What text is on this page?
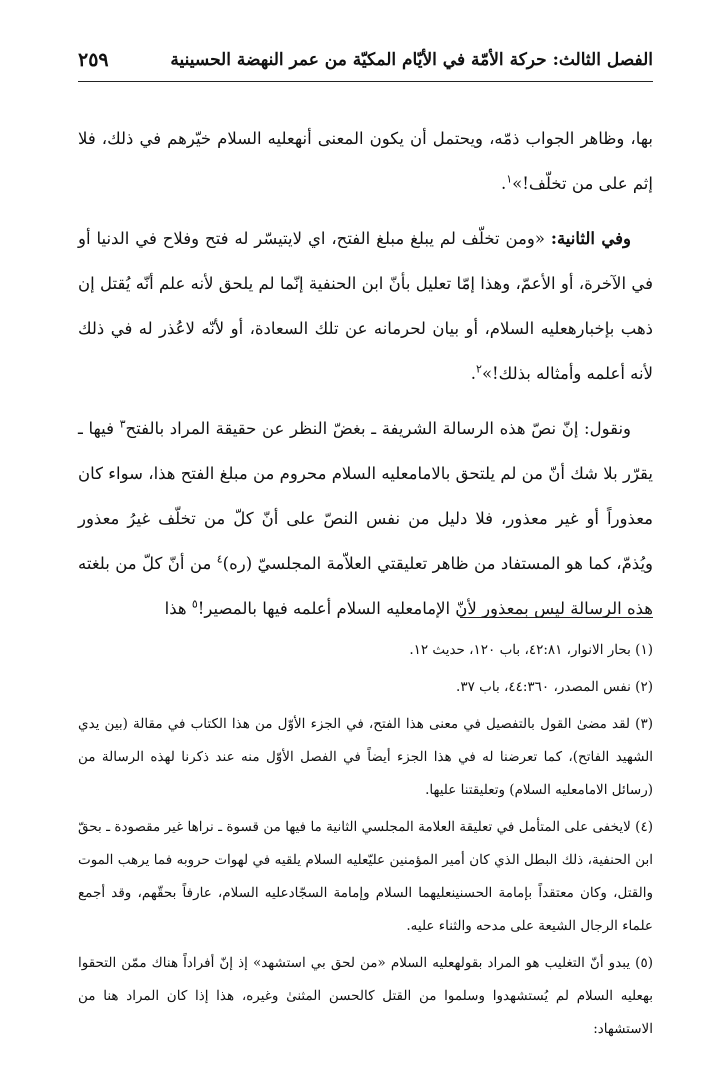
الفصل الثالث: حركة الأمّة في الأيّام المكيّة من عمر النهضة الحسينية
٢٥٩

بها، وظاهر الجواب ذمّه، ويحتمل أن يكون المعنى أنهعليه السلام خيّرهم في ذلك، فلا إثم على من تخلّف!»$^١$.

وفي الثانية: «ومن تخلّف لم يبلغ مبلغ الفتح، اي لايتيسّر له فتح وفلاح في الدنيا أو في الآخرة، أو الأعمّ، وهذا إمّا تعليل بأنّ ابن الحنفية إنّما لم يلحق لأنه علم أنّه يُقتل إن ذهب بإخبارهعليه السلام، أو بيان لحرمانه عن تلك السعادة، أو لأنّه لاعُذر له في ذلك لأنه أعلمه وأمثاله بذلك!»$^٢$.

ونقول: إنّ نصّ هذه الرسالة الشريفة ـ بغضّ النظر عن حقيقة المراد بالفتح$^٣$ فيها ـ يقرّر بلا شك أنّ من لم يلتحق بالامامعليه السلام محروم من مبلغ الفتح هذا، سواء كان معذوراً أو غير معذور، فلا دليل من نفس النصّ على أنّ كلّ من تخلّف غيرُ معذور ويُذمّ، كما هو المستفاد من ظاهر تعليقتي العلاّمة المجلسيّ (ره)$^٤$ من أنّ كلّ من بلغته هذه الرسالة ليس بمعذور لأنّ الإمامعليه السلام أعلمه فيها بالمصير!$^٥$ هذا

(١) بحار الانوار، ٤٢:٨١، باب ١٢٠، حديث ١٢.

(٢) نفس المصدر، ٤٤:٣٦٠، باب ٣٧.

(٣) لقد مضىٰ القول بالتفصيل في معنى هذا الفتح، في الجزء الأوّل من هذا الكتاب في مقالة (بين يدي الشهيد الفاتح)، كما تعرضنا له في هذا الجزء أيضاً في الفصل الأوّل منه عند ذكرنا لهذه الرسالة من (رسائل الامامعليه السلام) وتعليقتنا عليها.

(٤) لايخفى على المتأمل في تعليقة العلامة المجلسي الثانية ما فيها من قسوة ـ نراها غير مقصودة ـ بحقّ ابن الحنفية، ذلك البطل الذي كان أمير المؤمنين عليّعليه السلام يلقيه في لهوات حروبه فما يرهب الموت والقتل، وكان معتقداً بإمامة الحسنينعليهما السلام وإمامة السجّادعليه السلام، عارفاً بحقّهم، وقد أجمع علماء الرجال الشيعة على مدحه والثناء عليه.

(٥) يبدو أنّ التغليب هو المراد بقولهعليه السلام «من لحق بي استشهد» إذ إنّ أفراداً هناك ممّن التحقوا بهعليه السلام لم يُستشهدوا وسلموا من القتل كالحسن المثنىٰ وغيره، هذا إذا كان المراد هنا من الاستشهاد:
